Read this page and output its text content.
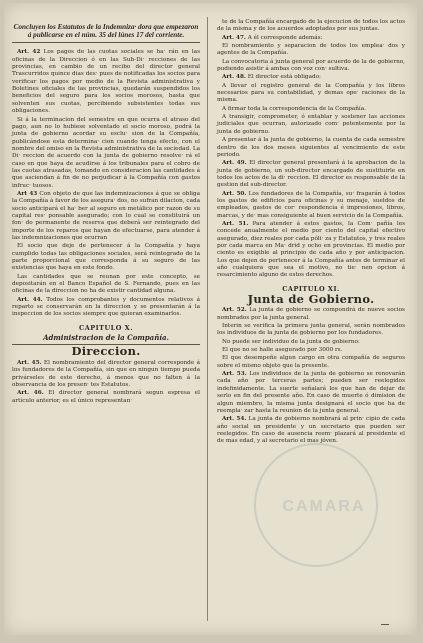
CAMARA
Concluyen los Estatutos de la Indemniza· dora que empezaron á publicarse en el núm. 35 del lúnes 17 del corriente.

Art. 42 Los pagos de las cuotas sociales se ha· rán en las oficinas de la Direccion ó en las Sub-Di· recciones de las provincias, en cambio de un recibo del director general Trascurridos quince dias des· pues de notificadas los socios para verificar los pagos por medio de la Revista administrativa y Boletines oficiales de las provincias, quedarán suspendidos los beneficios del seguro para los socios morosos, hasta que solventen sus cuotas, percibiendo subsistentes todas sus obligaciones.

Si á la terminacion del semestre en que ocurra el atraso del pago, aun no lo hubiese solventado el socio moroso, podrá la junta de gobierno acordar su esclu· sion de la Compañía, publicándose esta determina· cion cuando tenga efecto, con el nombre del omiso en la Revista administrativa de la sociedad. La Di· reccion de acuerdo con la junta de gobierno resolve· rá el caso en que haya de acudirse á los tribunales para el cobro de las cuotas atrasadas, tomando en consideracion las cantidades á que asciendan á fin de no perjudicar á la Compañía con gastos infruc· tuosos.

Art 43 Con objeto de que las indemnizaciones á que se obliga la Compañía á favor de los asegura· dos, no sufran dilacion, cada socio anticipará el ha· ber al seguro en metálico por razon de su capital res· ponsable asegurado; con lo cual se constituirá un fon· do permanente de reserva que deberá ser reintegrado del importe de los reparos que hayan de efectuarse, para atender á las indemnizaciones que ocurran

El socio que deje de pertenecer á la Compañía y haya cumplido todas las obligaciones sociales, será reintegrado de la parte proporcional que corresponda á su seguro de las existencias que haya en este fondo.

Las cantidades que se reunan por este concepto, se depositarán en el Banco Español de S. Fernando, pues en las oficinas de la direccion no ha de existir cantidad alguna.

Art. 44. Todos los comprobantes y documentos relativos á reparto se conservarán en la direccion y se presentarán á la inspeccion de los socios siempre que quieran examinarlos.

CAPITULO X.
Administracion de la Compañía.
Direccion.

Art. 45. El nombramiento del director general corresponde á los fundadores de la Compañía, sin que en ningun tiempo pueda privárseles de este derecho, á menos que no falten á la observancia de los presen· tes Estatutos.

Art. 46. El director general nombrará segun espresa el artículo anterior, es el único representan·

te de la Compañía encargado de la ejecucion de todos los actos de la misma y de los acuerdos adoptados por sus juntas.

Art. 47. A él corresponde además:

El nombramiento y separacion de todos los emplea· dos y agentes de la Compañía.

La convocatoria á junta general por acuerdo de la de gobierno, pudiendo asistir á ambas con voz con· sultiva.

Art. 48. El director está obligado:

A llevar el registro general de la Compañía y los libros necesarios para su contabilidad, y demas ope· raciones de la misma.

A firmar toda la correspondencia de la Compañía.

A transigir, comprometer, ó entablar y sostener las acciones judiciales que ocurran, autorizado com· petentemente por la junta de gobierno.

A presentar á la junta de gobierno, la cuenta de cada semestre dentro de los dos meses siguientes al vencimiento de este periodo.

Art. 49. El director general presentará á la aprobacion de la junta de gobierno, un sub-director encargado de sustituirle en todos los actos de la di· reccion. El director es responsable de la gestion del sub-director.

Art. 50. Los fundadores de la Compañía, su· fragarán á todos los gastos de edificios para oficinas y su menaje, sueldos de empleados, gastos de cor· respondencia é impresiones, libros, marcas, y de· mas consiguiente al buen servicio de la Compañía.

Art. 51. Para atender á estos gastos, la Com· pañía les concede anualmente el medio por ciento del capital efectivo asegurado, diez reales por cada póli· za y Estatutos, y tres reales por cada marca en Ma· drid y ocho en provincias. El medio por ciento es exigible al principio de cada año y por anticipacion. Los que dejen de pertenecer á la Compañía antes de terminar el año cualquiera que sea el motivo, no tie· nen opcion á resarcimiento alguno de estos derechos.

CAPITULO XI.
Junta de Gobierno.

Art. 52. La junta de gobierno se compondrá de nueve socios nombrados por la junta general.

Interin se verifica la primera junta general, serán nombrados los individuos de la junta de gobierno por los fundadores.

No puede ser individuo de la junta de gobierno:

El que no se halle asegurado por 3000 rs.

El que desempeñe algun cargo en otra compañía de seguros sobre el mismo objeto que la presente.

Art. 53. Los individuos de la junta de gobierno se renovarán cada año por terceras partes; pueden ser reelegidos indefinidamente. La suerte señalará los que han de dejar de serlo en fin del presente año. En caso de muerte ó dimision de algun miembro, la misma junta designará el socio que ha de reempla· zar hasta la reunion de la junta general.

Art. 54. La junta de gobierno nombrará al prin· cipio de cada año social un presidente y un secretario que pueden ser reelegidos. En caso de ausencia reem· plazará al presidente el de mas edad, y al secretario el mas jóven.
